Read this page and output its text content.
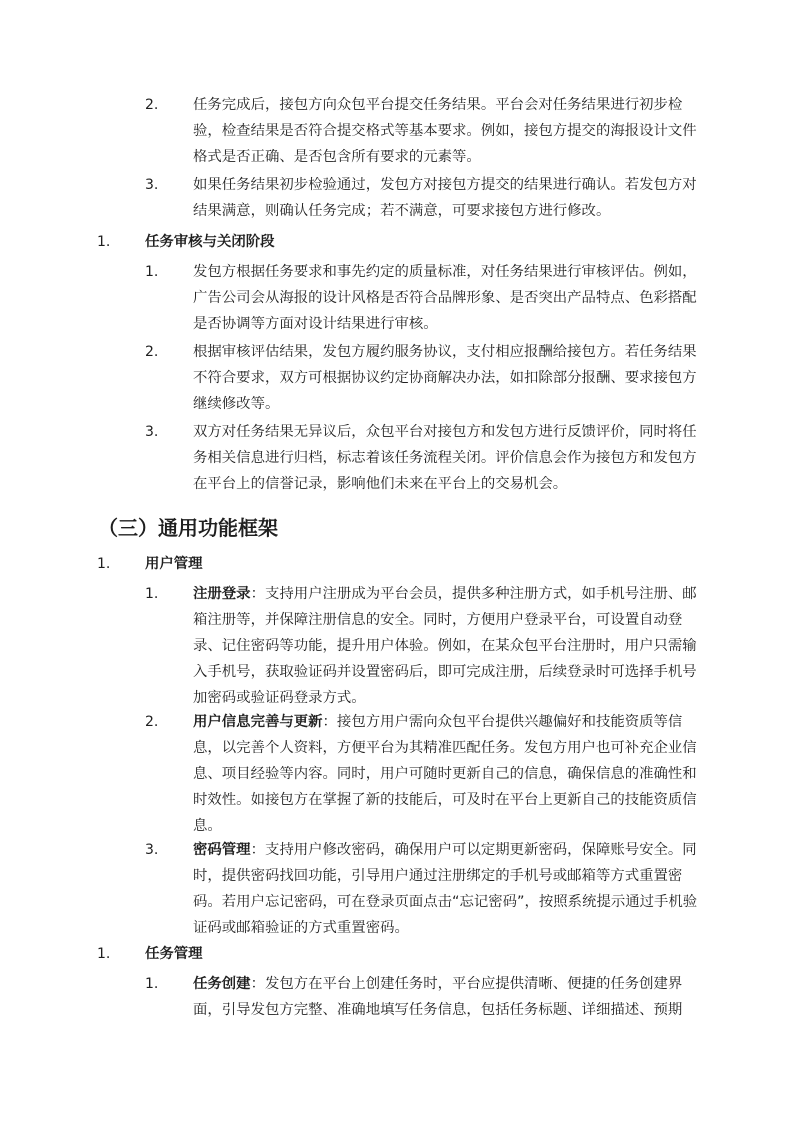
2. 任务完成后，接包方向众包平台提交任务结果。平台会对任务结果进行初步检验，检查结果是否符合提交格式等基本要求。例如，接包方提交的海报设计文件格式是否正确、是否包含所有要求的元素等。
3. 如果任务结果初步检验通过，发包方对接包方提交的结果进行确认。若发包方对结果满意，则确认任务完成；若不满意，可要求接包方进行修改。
1. 任务审核与关闭阶段
1. 发包方根据任务要求和事先约定的质量标准，对任务结果进行审核评估。例如，广告公司会从海报的设计风格是否符合品牌形象、是否突出产品特点、色彩搭配是否协调等方面对设计结果进行审核。
2. 根据审核评估结果，发包方履约服务协议，支付相应报酬给接包方。若任务结果不符合要求，双方可根据协议约定协商解决办法，如扣除部分报酬、要求接包方继续修改等。
3. 双方对任务结果无异议后，众包平台对接包方和发包方进行反馈评价，同时将任务相关信息进行归档，标志着该任务流程关闭。评价信息会作为接包方和发包方在平台上的信誉记录，影响他们未来在平台上的交易机会。
（三）通用功能框架
1. 用户管理
1. 注册登录：支持用户注册成为平台会员，提供多种注册方式，如手机号注册、邮箱注册等，并保障注册信息的安全。同时，方便用户登录平台，可设置自动登录、记住密码等功能，提升用户体验。例如，在某众包平台注册时，用户只需输入手机号，获取验证码并设置密码后，即可完成注册，后续登录时可选择手机号加密码或验证码登录方式。
2. 用户信息完善与更新：接包方用户需向众包平台提供兴趣偏好和技能资质等信息，以完善个人资料，方便平台为其精准匹配任务。发包方用户也可补充企业信息、项目经验等内容。同时，用户可随时更新自己的信息，确保信息的准确性和时效性。如接包方在掌握了新的技能后，可及时在平台上更新自己的技能资质信息。
3. 密码管理：支持用户修改密码，确保用户可以定期更新密码，保障账号安全。同时，提供密码找回功能，引导用户通过注册绑定的手机号或邮箱等方式重置密码。若用户忘记密码，可在登录页面点击“忘记密码”，按照系统提示通过手机验证码或邮箱验证的方式重置密码。
1. 任务管理
1. 任务创建：发包方在平台上创建任务时，平台应提供清晰、便捷的任务创建界面，引导发包方完整、准确地填写任务信息，包括任务标题、详细描述、预期
